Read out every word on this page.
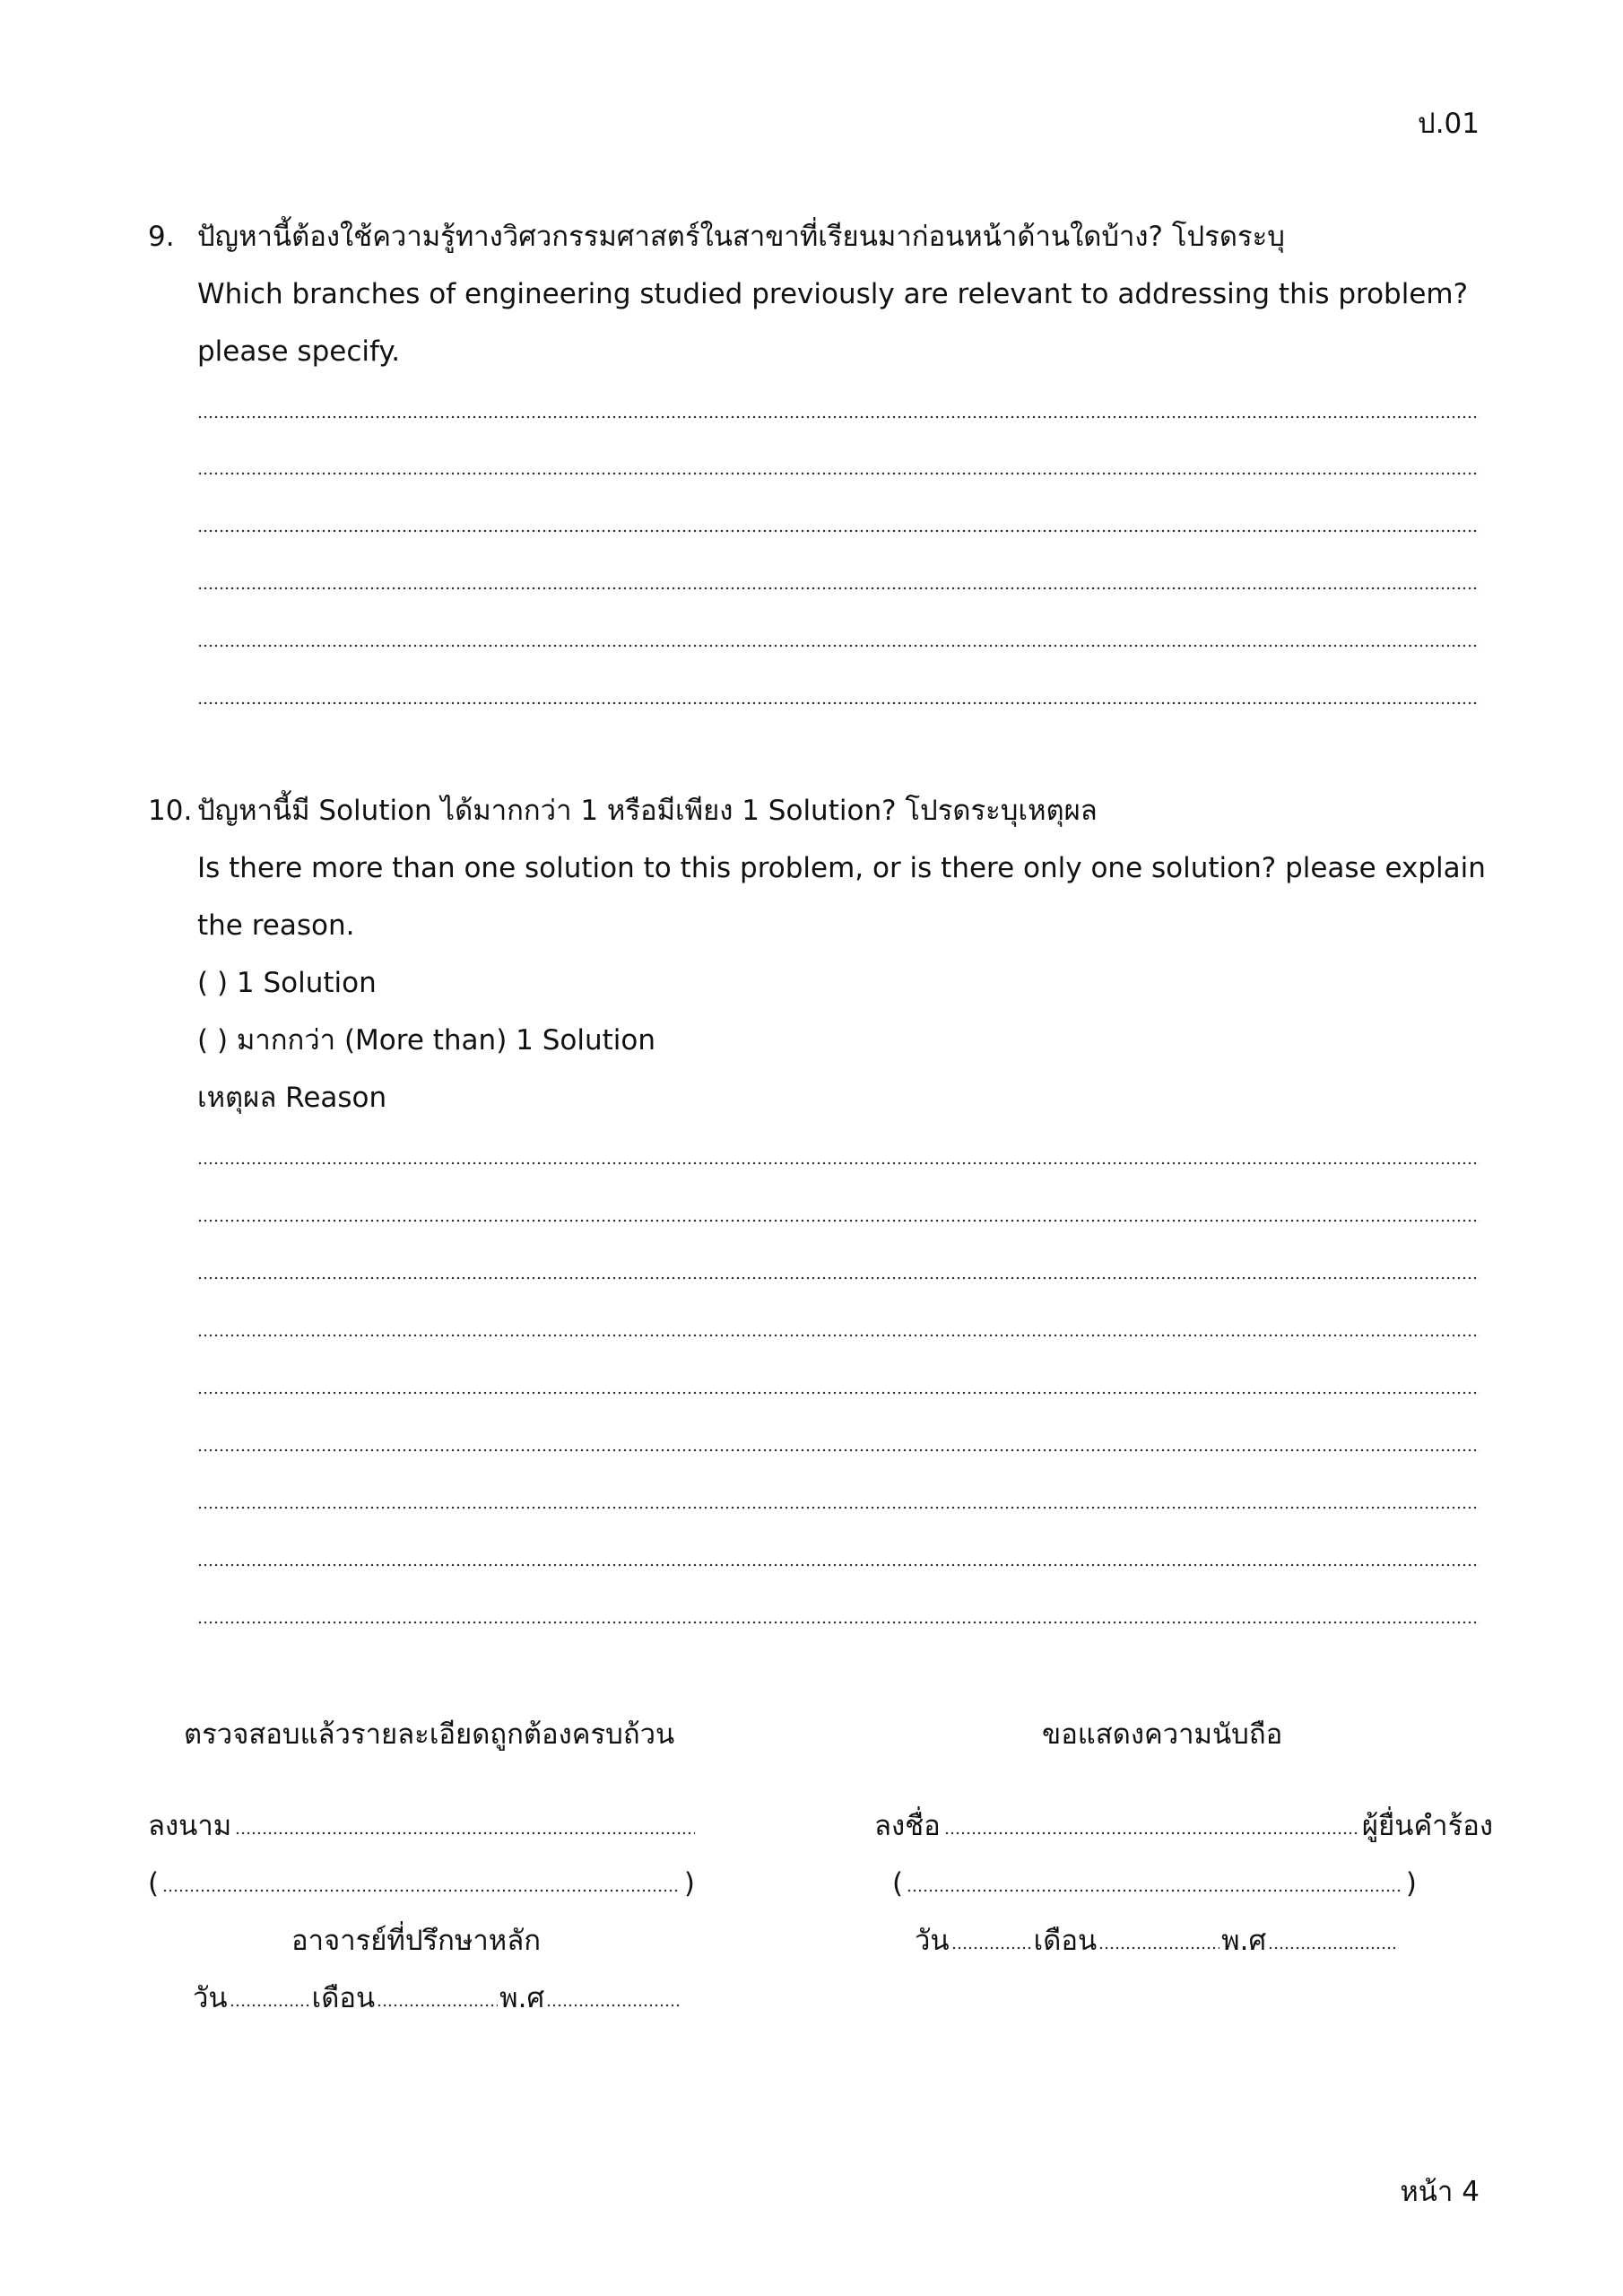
ป.01
9. ปัญหานี้ต้องใช้ความรู้ทางวิศวกรรมศาสตร์ในสาขาที่เรียนมาก่อนหน้าด้านใดบ้าง? โปรดระบุ
Which branches of engineering studied previously are relevant to addressing this problem?
please specify.
10. ปัญหานี้มี Solution ได้มากกว่า 1 หรือมีเพียง 1 Solution? โปรดระบุเหตุผล
Is there more than one solution to this problem, or is there only one solution? please explain
the reason.
( ) 1 Solution
( ) มากกว่า (More than) 1 Solution
เหตุผล Reason
ตรวจสอบแล้วรายละเอียดถูกต้องครบถ้วน
ลงนาม
(	)
อาจารย์ที่ปรึกษาหลัก
วัน	เดือน	พ.ศ
ขอแสดงความนับถือ
ลงชื่อ	ผู้ยื่นคำร้อง
(	)
วัน	เดือน	พ.ศ
หน้า 4
